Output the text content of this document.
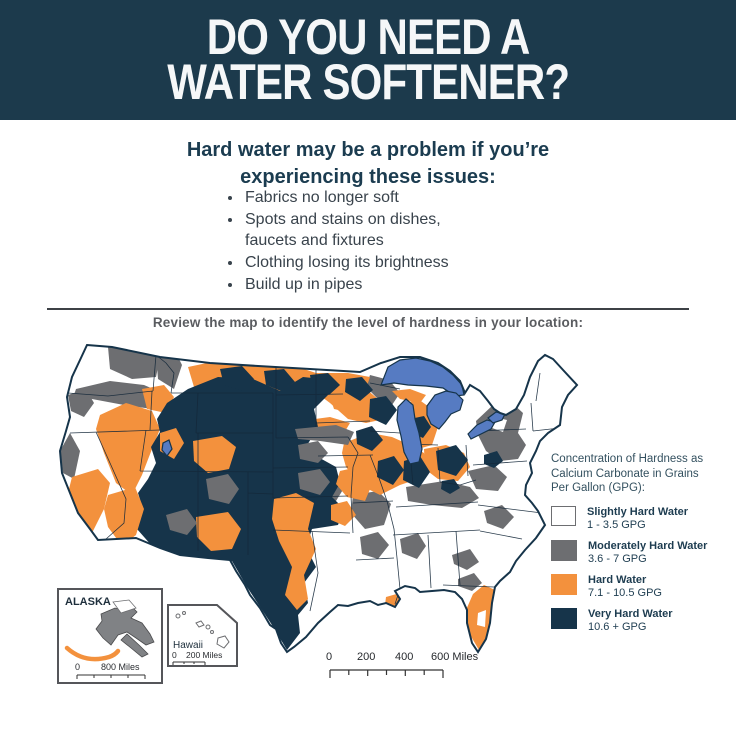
DO YOU NEED A
WATER SOFTENER?
Hard water may be a problem if you’re
experiencing these issues:
• Fabrics no longer soft
• Spots and stains on dishes, faucets and fixtures
• Clothing losing its brightness
• Build up in pipes
Review the map to identify the level of hardness in your location:
Concentration of Hardness as
Calcium Carbonate in Grains
Per Gallon (GPG):
Slightly Hard Water
1 - 3.5 GPG
Moderately Hard Water
3.6 - 7 GPG
Hard Water
7.1 - 10.5 GPG
Very Hard Water
10.6 + GPG
ALASKA
0 800 Miles
Hawaii
0 200 Miles	0 200 400 600 Miles
